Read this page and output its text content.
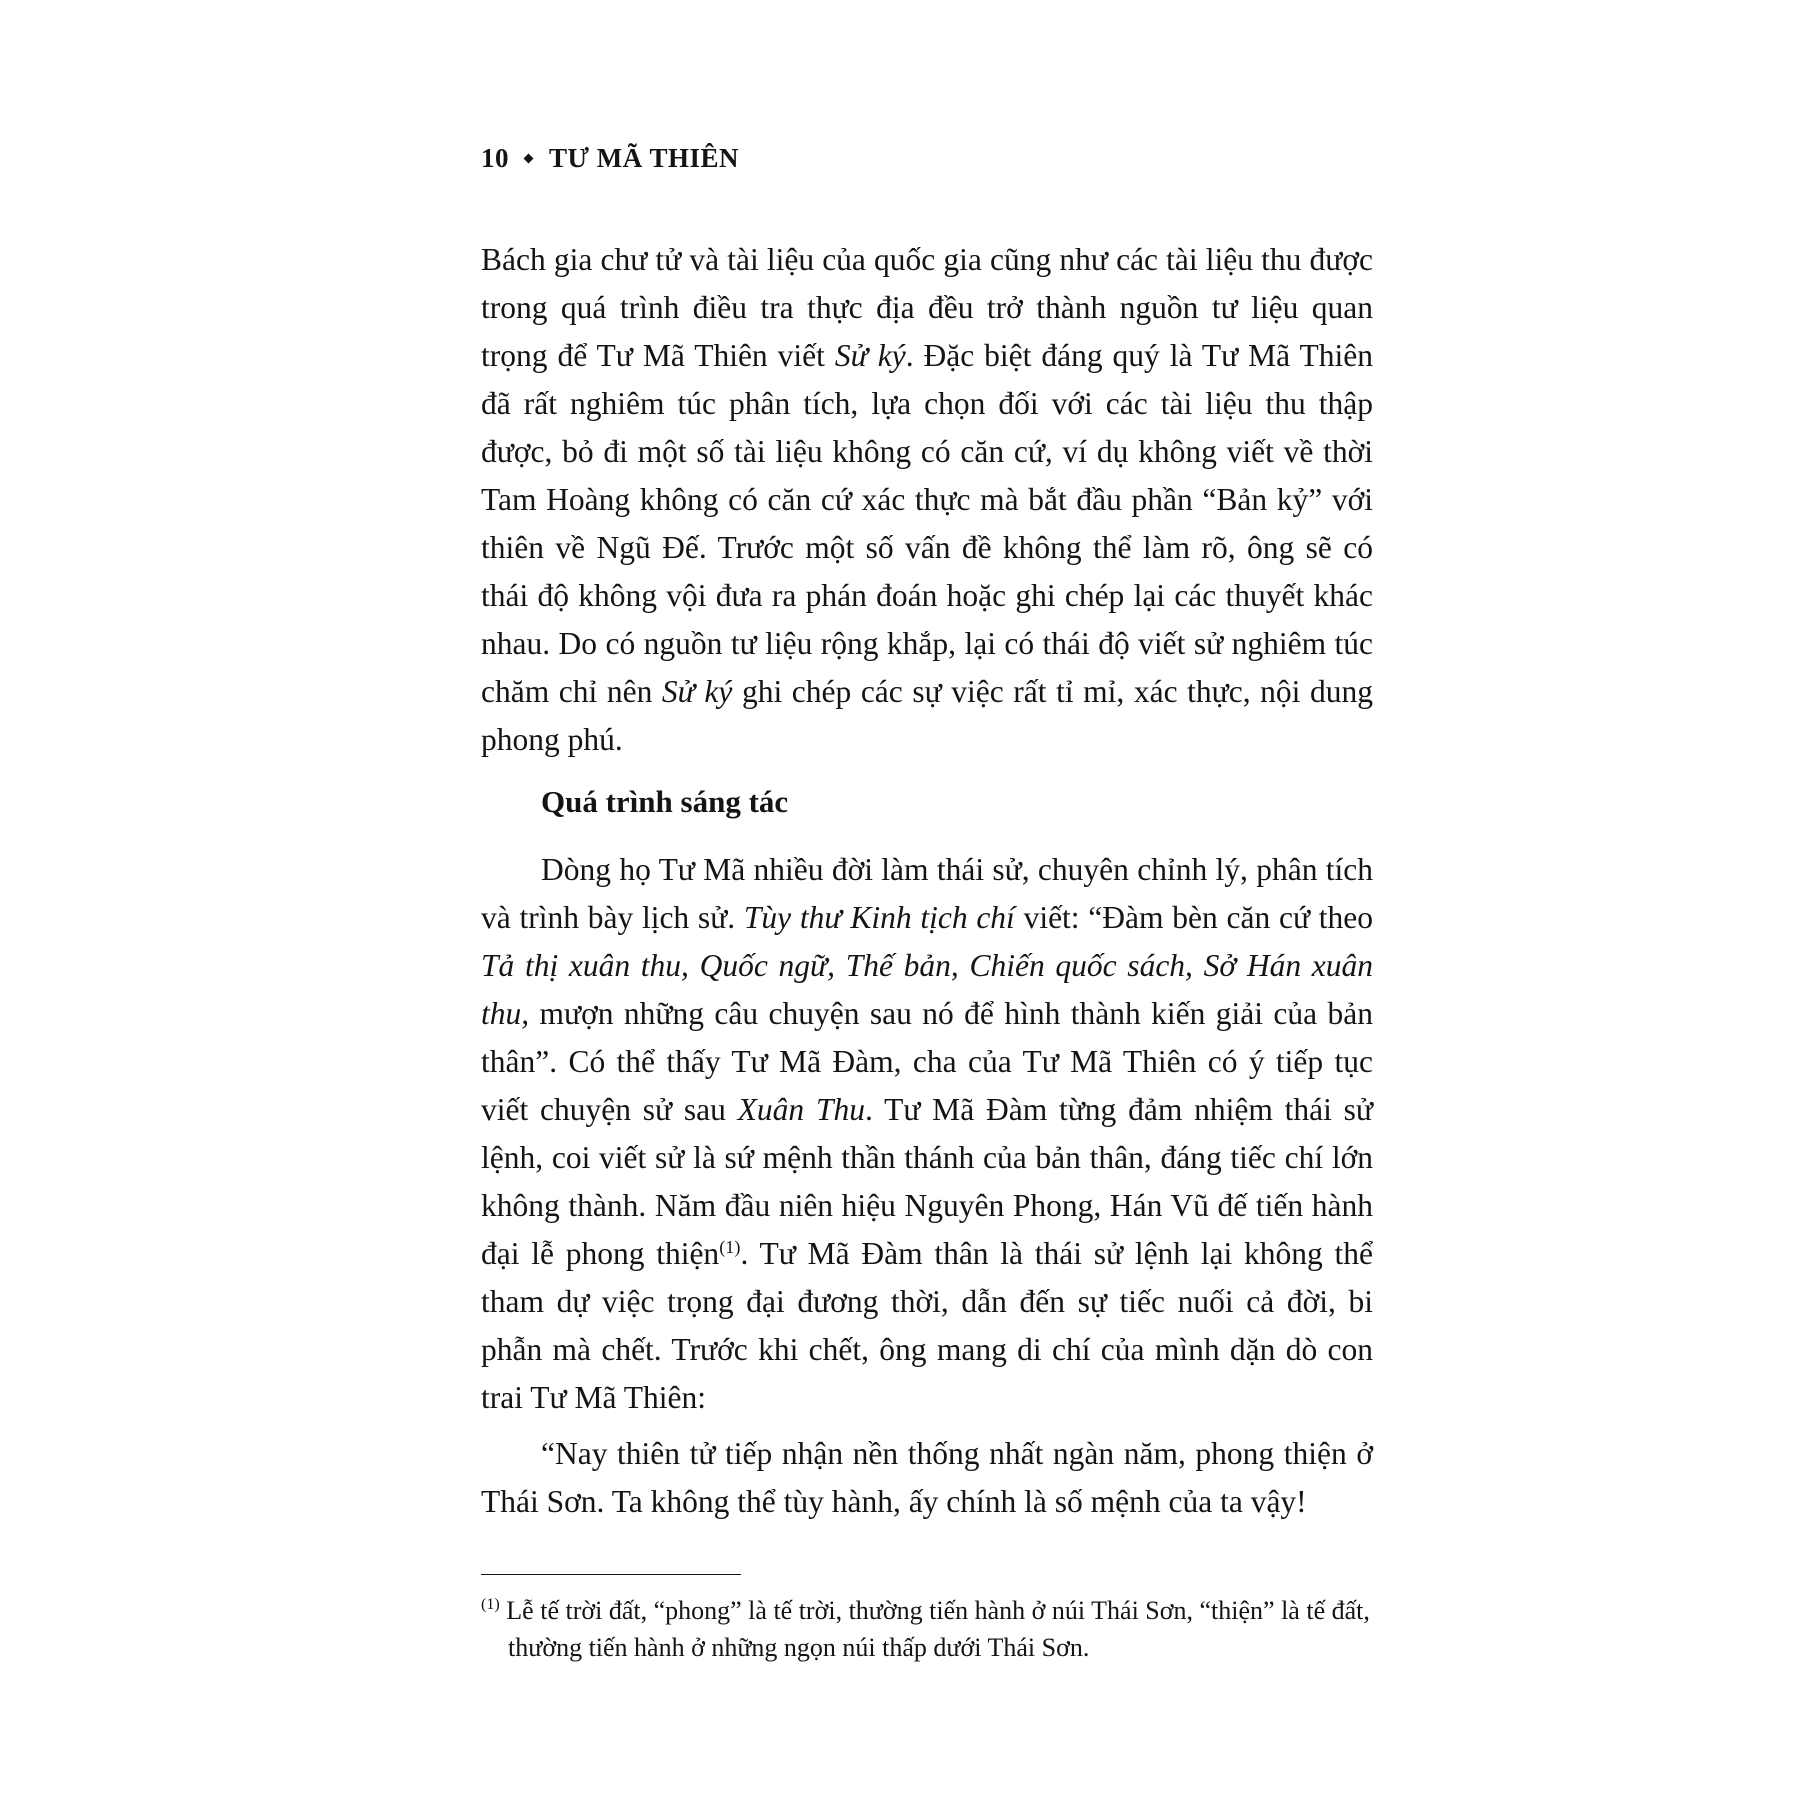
10 TƯ MÃ THIÊN
Bách gia chư tử và tài liệu của quốc gia cũng như các tài liệu thu được trong quá trình điều tra thực địa đều trở thành nguồn tư liệu quan trọng để Tư Mã Thiên viết Sử ký. Đặc biệt đáng quý là Tư Mã Thiên đã rất nghiêm túc phân tích, lựa chọn đối với các tài liệu thu thập được, bỏ đi một số tài liệu không có căn cứ, ví dụ không viết về thời Tam Hoàng không có căn cứ xác thực mà bắt đầu phần “Bản kỷ” với thiên về Ngũ Đế. Trước một số vấn đề không thể làm rõ, ông sẽ có thái độ không vội đưa ra phán đoán hoặc ghi chép lại các thuyết khác nhau. Do có nguồn tư liệu rộng khắp, lại có thái độ viết sử nghiêm túc chăm chỉ nên Sử ký ghi chép các sự việc rất tỉ mỉ, xác thực, nội dung phong phú.
Quá trình sáng tác
Dòng họ Tư Mã nhiều đời làm thái sử, chuyên chỉnh lý, phân tích và trình bày lịch sử. Tùy thư Kinh tịch chí viết: “Đàm bèn căn cứ theo Tả thị xuân thu, Quốc ngữ, Thế bản, Chiến quốc sách, Sở Hán xuân thu, mượn những câu chuyện sau nó để hình thành kiến giải của bản thân”. Có thể thấy Tư Mã Đàm, cha của Tư Mã Thiên có ý tiếp tục viết chuyện sử sau Xuân Thu. Tư Mã Đàm từng đảm nhiệm thái sử lệnh, coi viết sử là sứ mệnh thần thánh của bản thân, đáng tiếc chí lớn không thành. Năm đầu niên hiệu Nguyên Phong, Hán Vũ đế tiến hành đại lễ phong thiện$^{(1)}$. Tư Mã Đàm thân là thái sử lệnh lại không thể tham dự việc trọng đại đương thời, dẫn đến sự tiếc nuối cả đời, bi phẫn mà chết. Trước khi chết, ông mang di chí của mình dặn dò con trai Tư Mã Thiên:
“Nay thiên tử tiếp nhận nền thống nhất ngàn năm, phong thiện ở Thái Sơn. Ta không thể tùy hành, ấy chính là số mệnh của ta vậy!
$^{(1)}$ Lễ tế trời đất, “phong” là tế trời, thường tiến hành ở núi Thái Sơn, “thiện” là tế đất, thường tiến hành ở những ngọn núi thấp dưới Thái Sơn.
